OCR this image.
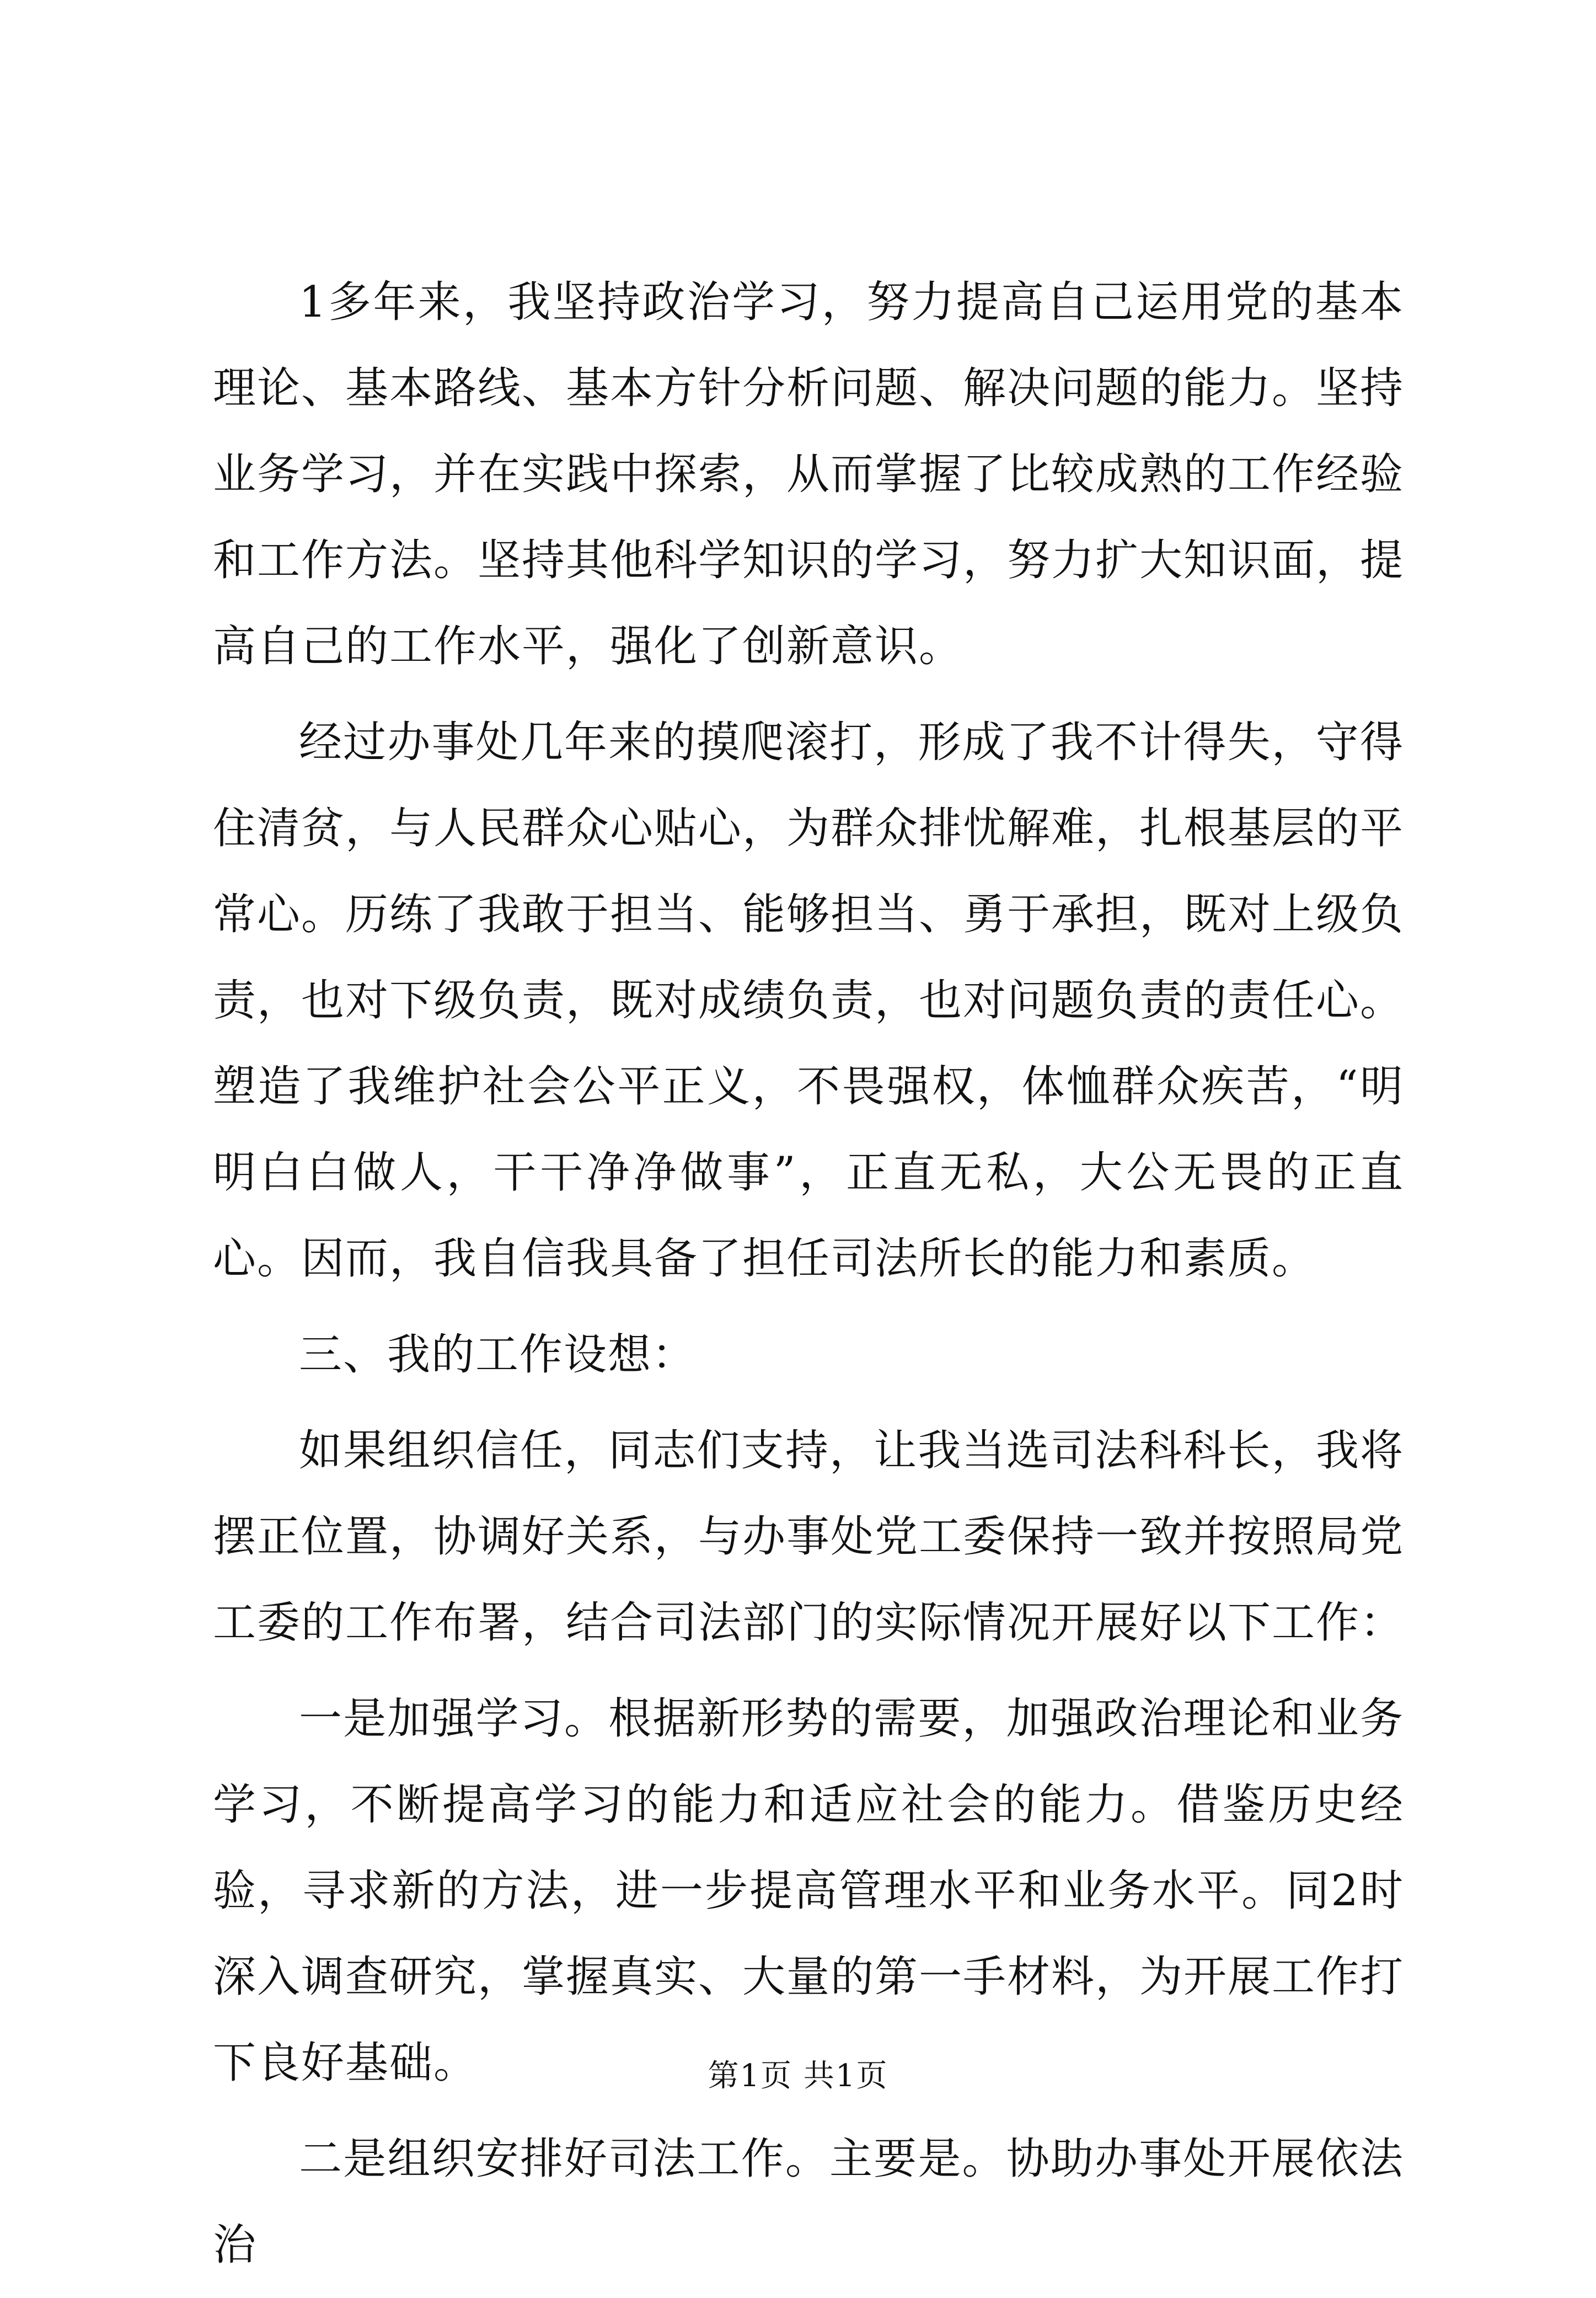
1多年来，我坚持政治学习，努力提高自己运用党的基本理论、基本路线、基本方针分析问题、解决问题的能力。坚持业务学习，并在实践中探索，从而掌握了比较成熟的工作经验和工作方法。坚持其他科学知识的学习，努力扩大知识面，提高自己的工作水平，强化了创新意识。

经过办事处几年来的摸爬滚打，形成了我不计得失，守得住清贫，与人民群众心贴心，为群众排忧解难，扎根基层的平常心。历练了我敢于担当、能够担当、勇于承担，既对上级负责，也对下级负责，既对成绩负责，也对问题负责的责任心。塑造了我维护社会公平正义，不畏强权，体恤群众疾苦，“明明白白做人，干干净净做事”，正直无私，大公无畏的正直心。因而，我自信我具备了担任司法所长的能力和素质。

三、我的工作设想：

如果组织信任，同志们支持，让我当选司法科科长，我将摆正位置，协调好关系，与办事处党工委保持一致并按照局党工委的工作布署，结合司法部门的实际情况开展好以下工作：

一是加强学习。根据新形势的需要，加强政治理论和业务学习，不断提高学习的能力和适应社会的能力。借鉴历史经验，寻求新的方法，进一步提高管理水平和业务水平。同2时深入调查研究，掌握真实、大量的第一手材料，为开展工作打下良好基础。

二是组织安排好司法工作。主要是。协助办事处开展依法治

第1页 共1页
